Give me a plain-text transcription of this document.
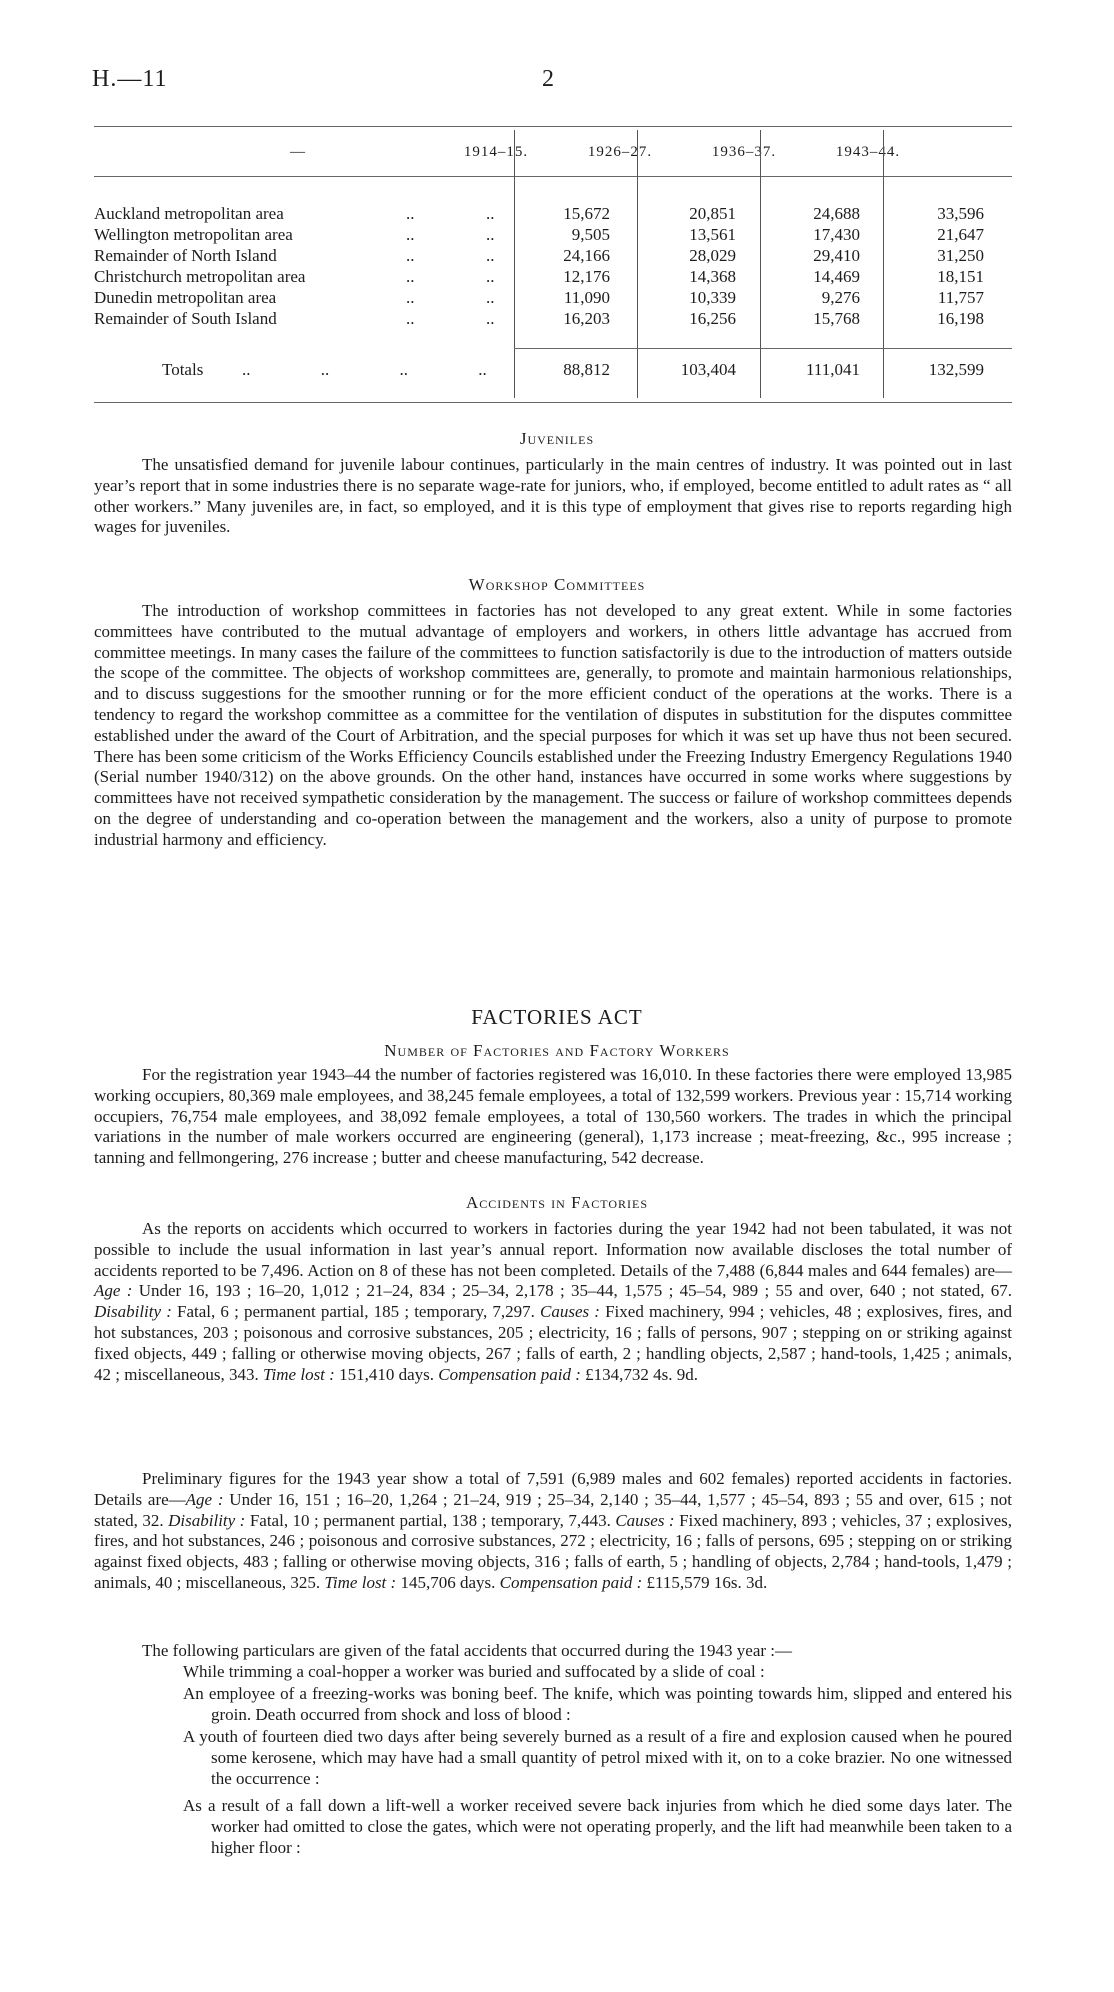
H.—11	2
—	1914–15.	1926–27.	1936–37.	1943–44.
Auckland metropolitan area	..	..	15,672	20,851	24,688	33,596
Wellington metropolitan area	..	..	9,505	13,561	17,430	21,647
Remainder of North Island	..	..	24,166	28,029	29,410	31,250
Christchurch metropolitan area	..	..	12,176	14,368	14,469	18,151
Dunedin metropolitan area	..	..	11,090	10,339	9,276	11,757
Remainder of South Island	..	..	16,203	16,256	15,768	16,198
Totals ..	..	..	..	88,812	103,404	111,041	132,599
Juveniles

The unsatisfied demand for juvenile labour continues, particularly in the main centres of industry. It was pointed out in last year’s report that in some industries there is no separate wage-rate for juniors, who, if employed, become entitled to adult rates as “ all other workers.” Many juveniles are, in fact, so employed, and it is this type of employment that gives rise to reports regarding high wages for juveniles.

Workshop Committees

The introduction of workshop committees in factories has not developed to any great extent. While in some factories committees have contributed to the mutual advantage of employers and workers, in others little advantage has accrued from committee meetings. In many cases the failure of the committees to function satisfactorily is due to the introduction of matters outside the scope of the committee. The objects of workshop committees are, generally, to promote and maintain harmonious relationships, and to discuss suggestions for the smoother running or for the more efficient conduct of the operations at the works. There is a tendency to regard the workshop committee as a committee for the ventilation of disputes in substitution for the disputes committee established under the award of the Court of Arbitration, and the special purposes for which it was set up have thus not been secured. There has been some criticism of the Works Efficiency Councils established under the Freezing Industry Emergency Regulations 1940 (Serial number 1940/312) on the above grounds. On the other hand, instances have occurred in some works where suggestions by committees have not received sympathetic consideration by the management. The success or failure of workshop committees depends on the degree of understanding and co-operation between the management and the workers, also a unity of purpose to promote industrial harmony and efficiency.

FACTORIES ACT
Number of Factories and Factory Workers

For the registration year 1943–44 the number of factories registered was 16,010. In these factories there were employed 13,985 working occupiers, 80,369 male employees, and 38,245 female employees, a total of 132,599 workers. Previous year : 15,714 working occupiers, 76,754 male employees, and 38,092 female employees, a total of 130,560 workers. The trades in which the principal variations in the number of male workers occurred are engineering (general), 1,173 increase ; meat-freezing, &c., 995 increase ; tanning and fellmongering, 276 increase ; butter and cheese manufacturing, 542 decrease.

Accidents in Factories

As the reports on accidents which occurred to workers in factories during the year 1942 had not been tabulated, it was not possible to include the usual information in last year’s annual report. Information now available discloses the total number of accidents reported to be 7,496. Action on 8 of these has not been completed. Details of the 7,488 (6,844 males and 644 females) are—Age : Under 16, 193 ; 16–20, 1,012 ; 21–24, 834 ; 25–34, 2,178 ; 35–44, 1,575 ; 45–54, 989 ; 55 and over, 640 ; not stated, 67. Disability : Fatal, 6 ; permanent partial, 185 ; temporary, 7,297. Causes : Fixed machinery, 994 ; vehicles, 48 ; explosives, fires, and hot substances, 203 ; poisonous and corrosive substances, 205 ; electricity, 16 ; falls of persons, 907 ; stepping on or striking against fixed objects, 449 ; falling or otherwise moving objects, 267 ; falls of earth, 2 ; handling objects, 2,587 ; hand-tools, 1,425 ; animals, 42 ; miscellaneous, 343. Time lost : 151,410 days. Compensation paid : £134,732 4s. 9d.

Preliminary figures for the 1943 year show a total of 7,591 (6,989 males and 602 females) reported accidents in factories. Details are—Age : Under 16, 151 ; 16–20, 1,264 ; 21–24, 919 ; 25–34, 2,140 ; 35–44, 1,577 ; 45–54, 893 ; 55 and over, 615 ; not stated, 32. Disability : Fatal, 10 ; permanent partial, 138 ; temporary, 7,443. Causes : Fixed machinery, 893 ; vehicles, 37 ; explosives, fires, and hot substances, 246 ; poisonous and corrosive substances, 272 ; electricity, 16 ; falls of persons, 695 ; stepping on or striking against fixed objects, 483 ; falling or otherwise moving objects, 316 ; falls of earth, 5 ; handling of objects, 2,784 ; hand-tools, 1,479 ; animals, 40 ; miscellaneous, 325. Time lost : 145,706 days. Compensation paid : £115,579 16s. 3d.

The following particulars are given of the fatal accidents that occurred during the 1943 year :—

While trimming a coal-hopper a worker was buried and suffocated by a slide of coal :

An employee of a freezing-works was boning beef. The knife, which was pointing towards him, slipped and entered his groin. Death occurred from shock and loss of blood :

A youth of fourteen died two days after being severely burned as a result of a fire and explosion caused when he poured some kerosene, which may have had a small quantity of petrol mixed with it, on to a coke brazier. No one witnessed the occurrence :

As a result of a fall down a lift-well a worker received severe back injuries from which he died some days later. The worker had omitted to close the gates, which were not operating properly, and the lift had meanwhile been taken to a higher floor :
